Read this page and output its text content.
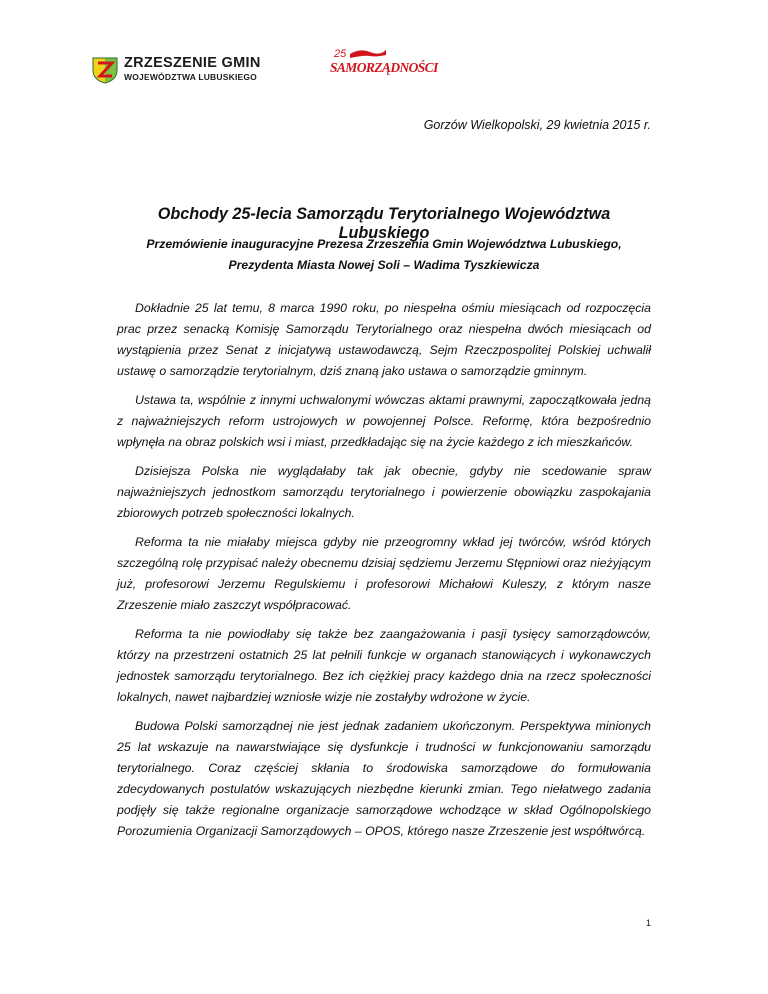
ZRZESZENIE GMIN
WOJEWÓDZTWA LUBUSKIEGO
25
SAMORZĄDNOŚCI
Gorzów Wielkopolski, 29 kwietnia 2015 r.
Obchody 25-lecia Samorządu Terytorialnego Województwa Lubuskiego
Przemówienie inauguracyjne Prezesa Zrzeszenia Gmin Województwa Lubuskiego,
Prezydenta Miasta Nowej Soli – Wadima Tyszkiewicza

Dokładnie 25 lat temu, 8 marca 1990 roku, po niespełna ośmiu miesiącach od rozpoczęcia prac przez senacką Komisję Samorządu Terytorialnego oraz niespełna dwóch miesiącach od wystąpienia przez Senat z inicjatywą ustawodawczą, Sejm Rzeczpospolitej Polskiej uchwalił ustawę o samorządzie terytorialnym, dziś znaną jako ustawa o samorządzie gminnym.

Ustawa ta, wspólnie z innymi uchwalonymi wówczas aktami prawnymi, zapoczątkowała jedną z najważniejszych reform ustrojowych w powojennej Polsce. Reformę, która bezpośrednio wpłynęła na obraz polskich wsi i miast, przedkładając się na życie każdego z ich mieszkańców.

Dzisiejsza Polska nie wyglądałaby tak jak obecnie, gdyby nie scedowanie spraw najważniejszych jednostkom samorządu terytorialnego i powierzenie obowiązku zaspokajania zbiorowych potrzeb społeczności lokalnych.

Reforma ta nie miałaby miejsca gdyby nie przeogromny wkład jej twórców, wśród których szczególną rolę przypisać należy obecnemu dzisiaj sędziemu Jerzemu Stępniowi oraz nieżyjącym już, profesorowi Jerzemu Regulskiemu i profesorowi Michałowi Kuleszy, z którym nasze Zrzeszenie miało zaszczyt współpracować.

Reforma ta nie powiodłaby się także bez zaangażowania i pasji tysięcy samorządowców, którzy na przestrzeni ostatnich 25 lat pełnili funkcje w organach stanowiących i wykonawczych jednostek samorządu terytorialnego. Bez ich ciężkiej pracy każdego dnia na rzecz społeczności lokalnych, nawet najbardziej wzniosłe wizje nie zostałyby wdrożone w życie.

Budowa Polski samorządnej nie jest jednak zadaniem ukończonym. Perspektywa minionych 25 lat wskazuje na nawarstwiające się dysfunkcje i trudności w funkcjonowaniu samorządu terytorialnego. Coraz częściej skłania to środowiska samorządowe do formułowania zdecydowanych postulatów wskazujących niezbędne kierunki zmian. Tego niełatwego zadania podjęły się także regionalne organizacje samorządowe wchodzące w skład Ogólnopolskiego Porozumienia Organizacji Samorządowych – OPOS, którego nasze Zrzeszenie jest współtwórcą.

1
